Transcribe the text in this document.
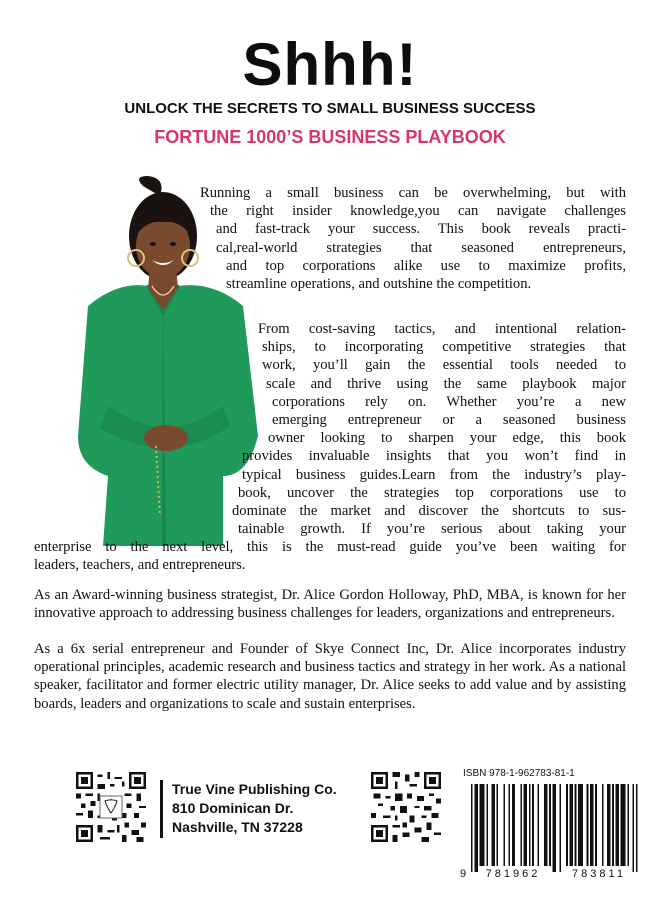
Shhh!
UNLOCK THE SECRETS TO SMALL BUSINESS SUCCESS
FORTUNE 1000’S BUSINESS PLAYBOOK
Running a small business can be overwhelming, but with
the right insider knowledge,you can navigate challenges
and fast-track your success. This book reveals practi-
cal,real-world strategies that seasoned entrepreneurs,
and top corporations alike use to maximize profits,
streamline operations, and outshine the competition.
From cost-saving tactics, and intentional relation-
ships, to incorporating competitive strategies that
work, you’ll gain the essential tools needed to
scale and thrive using the same playbook major
corporations rely on. Whether you’re a new
emerging entrepreneur or a seasoned business
owner looking to sharpen your edge, this book
provides invaluable insights that you won’t find in
typical business guides.Learn from the industry’s play-
book, uncover the strategies top corporations use to
dominate the market and discover the shortcuts to sus-
tainable growth. If you’re serious about taking your
enterprise to the next level, this is the must-read guide you’ve been waiting for
leaders, teachers, and entrepreneurs.
As an Award-winning business strategist, Dr. Alice Gordon Holloway, PhD, MBA, is known for her innovative approach to addressing business challenges for leaders, organizations and entrepreneurs.
As a 6x serial entrepreneur and Founder of Skye Connect Inc, Dr. Alice incorporates industry operational principles, academic research and business tactics and strategy in her work. As a national speaker, facilitator and former electric utility manager, Dr. Alice seeks to add value and by assisting boards, leaders and organizations to scale and sustain enterprises.
True Vine Publishing Co.
810 Dominican Dr.
Nashville, TN 37228
ISBN 978-1-962783-81-1
9	781962	783811
